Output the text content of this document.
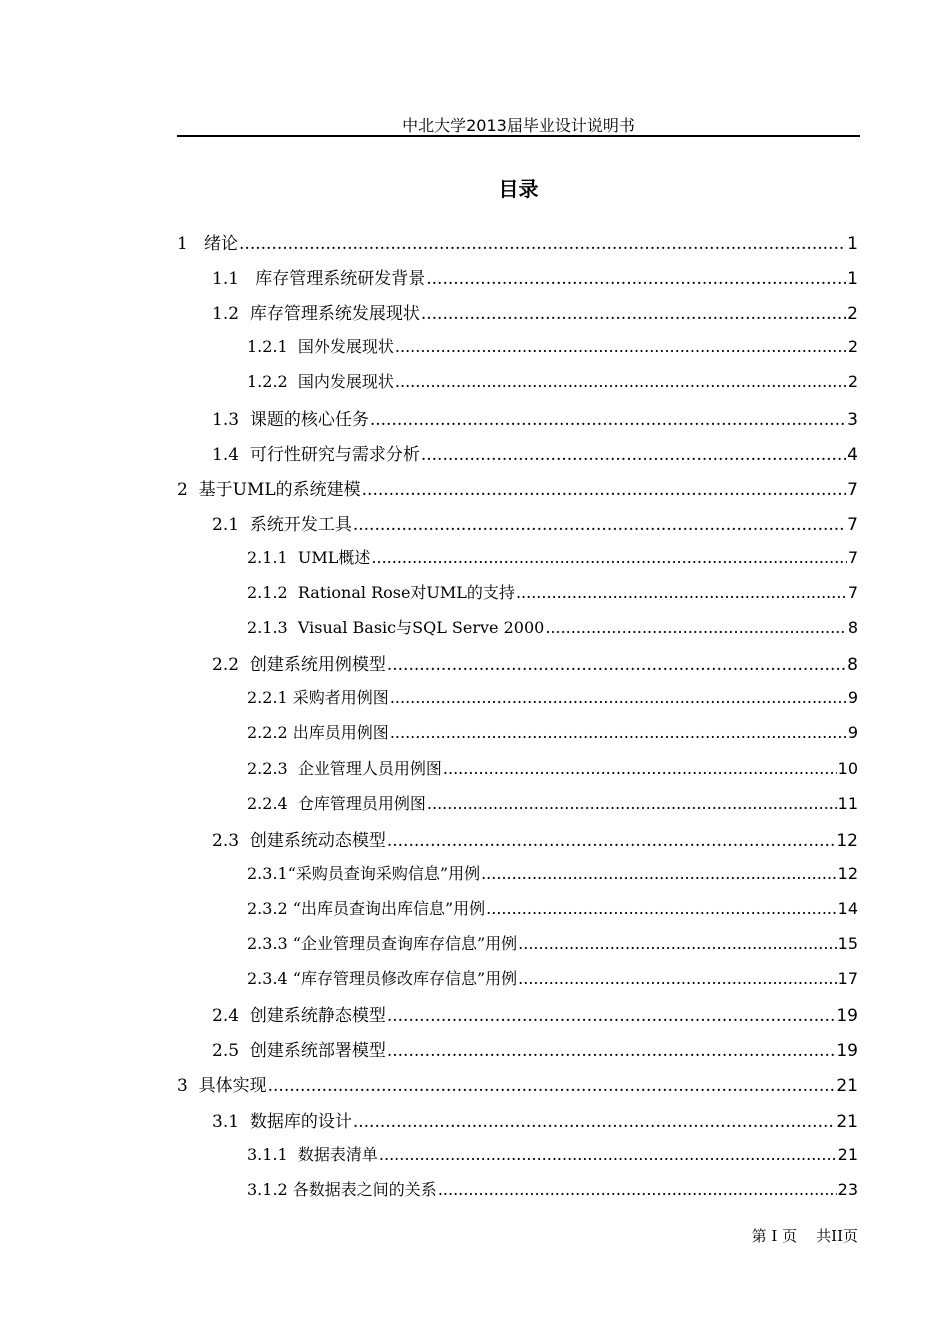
中北大学2013届毕业设计说明书
目录
1 绪论 .....	1
1.1 库存管理系统研发背景 .....	1
1.2 库存管理系统发展现状 .....	2
1.2.1 国外发展现状 .....	2
1.2.2 国内发展现状 .....	2
1.3 课题的核心任务 .....	3
1.4 可行性研究与需求分析 .....	4
2 基于UML的系统建模 .....	7
2.1 系统开发工具 .....	7
2.1.1 UML概述 .....	7
2.1.2 Rational Rose对UML的支持 .....	7
2.1.3 Visual Basic与SQL Serve 2000 .....	8
2.2 创建系统用例模型 .....	8
2.2.1 采购者用例图 .....	9
2.2.2 出库员用例图 .....	9
2.2.3 企业管理人员用例图 .....	10
2.2.4 仓库管理员用例图 .....	11
2.3 创建系统动态模型 .....	12
2.3.1 “采购员查询采购信息”用例 .....	12
2.3.2 “出库员查询出库信息”用例 .....	14
2.3.3 “企业管理员查询库存信息”用例 .....	15
2.3.4 “库存管理员修改库存信息”用例 .....	17
2.4 创建系统静态模型 .....	19
2.5 创建系统部署模型 .....	19
3 具体实现 .....	21
3.1 数据库的设计 .....	21
3.1.1 数据表清单 .....	21
3.1.2 各数据表之间的关系 .....	23
第 I 页    共II页
